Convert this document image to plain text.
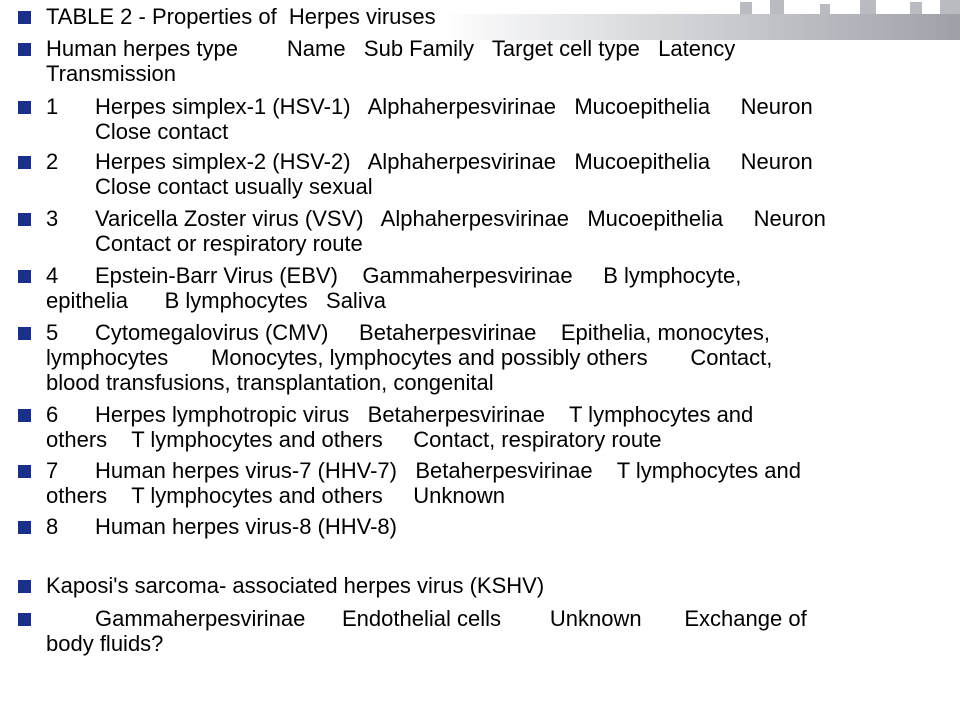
TABLE 2 - Properties of  Herpes viruses
Human herpes type        Name   Sub Family   Target cell type   Latency
Transmission
1 Herpes simplex-1 (HSV-1)   Alphaherpesvirinae   Mucoepithelia     Neuron
Close contact
2 Herpes simplex-2 (HSV-2)   Alphaherpesvirinae   Mucoepithelia     Neuron
Close contact usually sexual
3 Varicella Zoster virus (VSV)   Alphaherpesvirinae   Mucoepithelia     Neuron
Contact or respiratory route
4 Epstein-Barr Virus (EBV)    Gammaherpesvirinae     B lymphocyte,
epithelia      B lymphocytes   Saliva
5 Cytomegalovirus (CMV)     Betaherpesvirinae    Epithelia, monocytes,
lymphocytes       Monocytes, lymphocytes and possibly others       Contact,
blood transfusions, transplantation, congenital
6 Herpes lymphotropic virus   Betaherpesvirinae    T lymphocytes and
others    T lymphocytes and others     Contact, respiratory route
7 Human herpes virus-7 (HHV-7)   Betaherpesvirinae    T lymphocytes and
others    T lymphocytes and others     Unknown
8 Human herpes virus-8 (HHV-8)
Kaposi's sarcoma- associated herpes virus (KSHV)
Gammaherpesvirinae      Endothelial cells        Unknown       Exchange of
body fluids?
